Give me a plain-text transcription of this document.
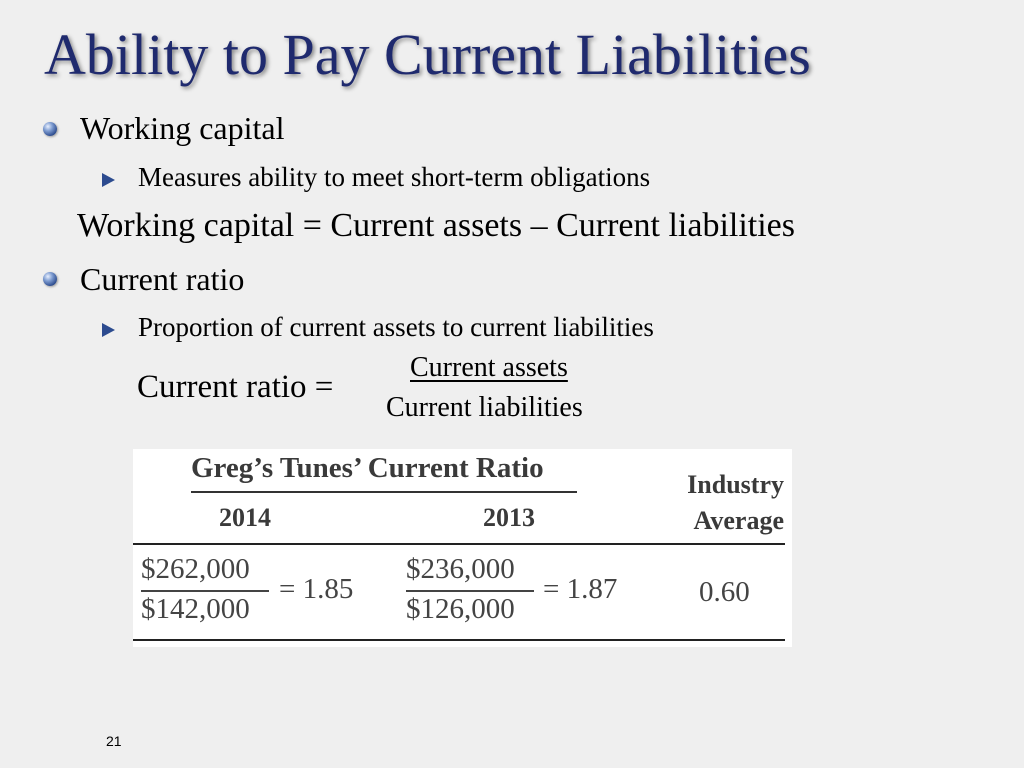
Ability to Pay Current Liabilities
Working capital
Measures ability to meet short-term obligations
Working capital = Current assets – Current liabilities
Current ratio
Proportion of current assets to current liabilities
Current ratio =
Current assets
Current liabilities
Greg’s Tunes’ Current Ratio
2014	2013
Industry
Average
$262,000
$142,000
= 1.85
$236,000
$126,000
= 1.87	0.60
21
